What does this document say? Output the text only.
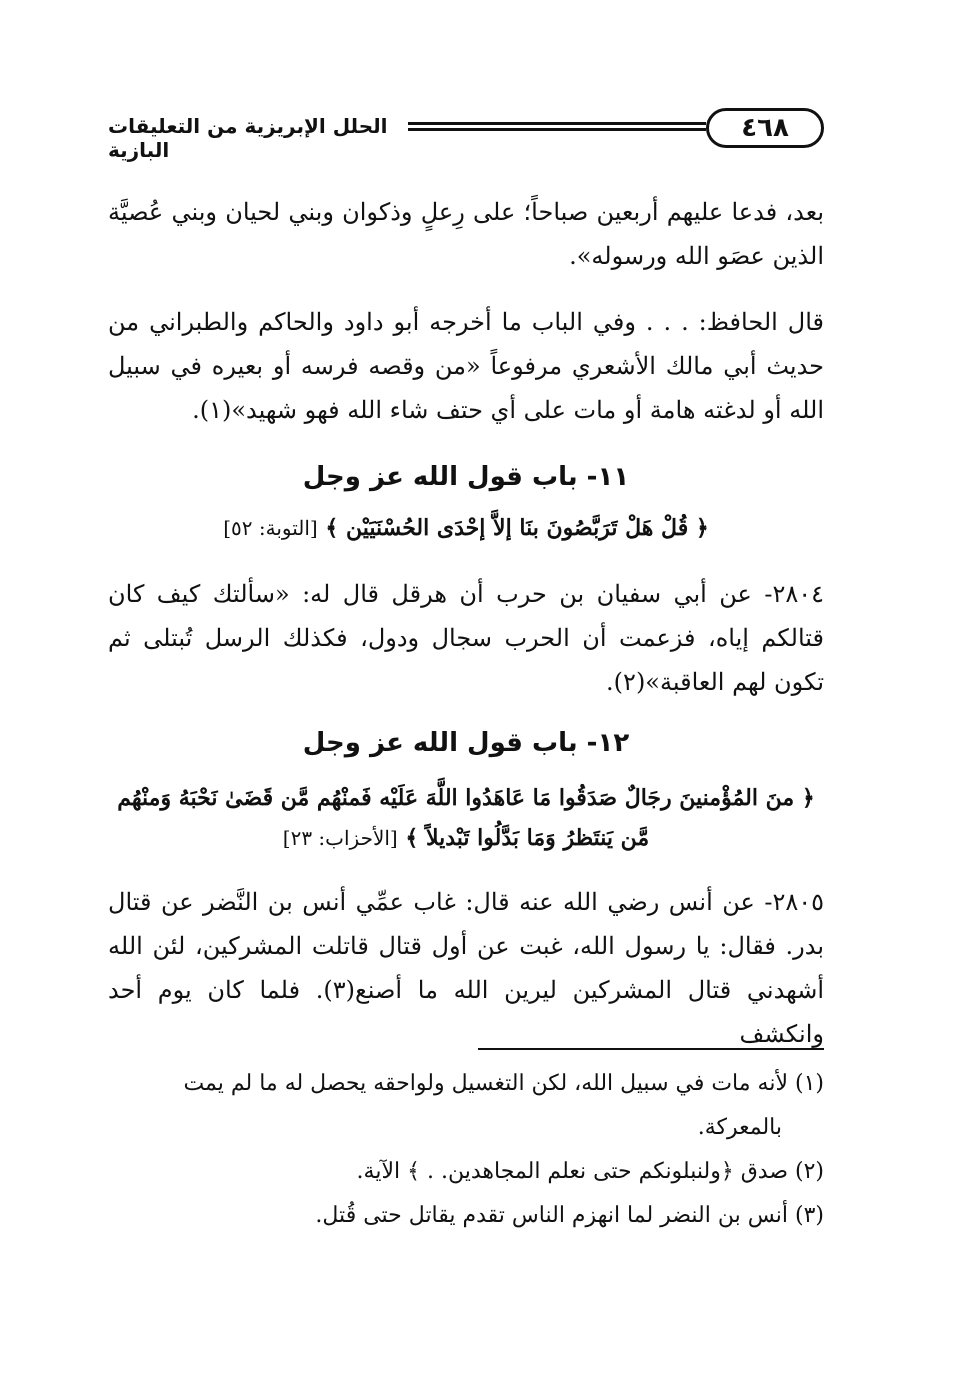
٤٦٨
الحلل الإبريزية من التعليقات البازية

بعد، فدعا عليهم أربعين صباحاً؛ على رِعلٍ وذكوان وبني لحيان وبني عُصيَّة الذين عصَو الله ورسوله».

قال الحافظ: . . . وفي الباب ما أخرجه أبو داود والحاكم والطبراني من حديث أبي مالك الأشعري مرفوعاً «من وقصه فرسه أو بعيره في سبيل الله أو لدغته هامة أو مات على أي حتف شاء الله فهو شهيد»(١).

١١- باب قول الله عز وجل
﴿ قُلْ هَلْ تَرَبَّصُونَ بنَا إلاَّ إحْدَى الحُسْنَيَيْن ﴾ [التوبة: ٥٢]

٢٨٠٤- عن أبي سفيان بن حرب أن هرقل قال له: «سألتك كيف كان قتالكم إياه، فزعمت أن الحرب سجال ودول، فكذلك الرسل تُبتلى ثم تكون لهم العاقبة»(٢).

١٢- باب قول الله عز وجل
﴿ منَ المُؤْمنينَ رجَالٌ صَدَقُوا مَا عَاهَدُوا اللَّهَ عَلَيْه فَمنْهُم مَّن قَضَىٰ نَحْبَهُ وَمنْهُم مَّن يَنتَظرُ وَمَا بَدَّلُوا تَبْديلاً ﴾ [الأحزاب: ٢٣]

٢٨٠٥- عن أنس رضي الله عنه قال: غاب عمِّي أنس بن النَّضر عن قتال بدر. فقال: يا رسول الله، غبت عن أول قتال قاتلت المشركين، لئن الله أشهدني قتال المشركين ليرين الله ما أصنع(٣). فلما كان يوم أحد وانكشف

(١) لأنه مات في سبيل الله، لكن التغسيل ولواحقه يحصل له ما لم يمت

بالمعركة.

(٢) صدق ﴿ولنبلونكم حتى نعلم المجاهدين. . ﴾ الآية.

(٣) أنس بن النضر لما انهزم الناس تقدم يقاتل حتى قُتل.
